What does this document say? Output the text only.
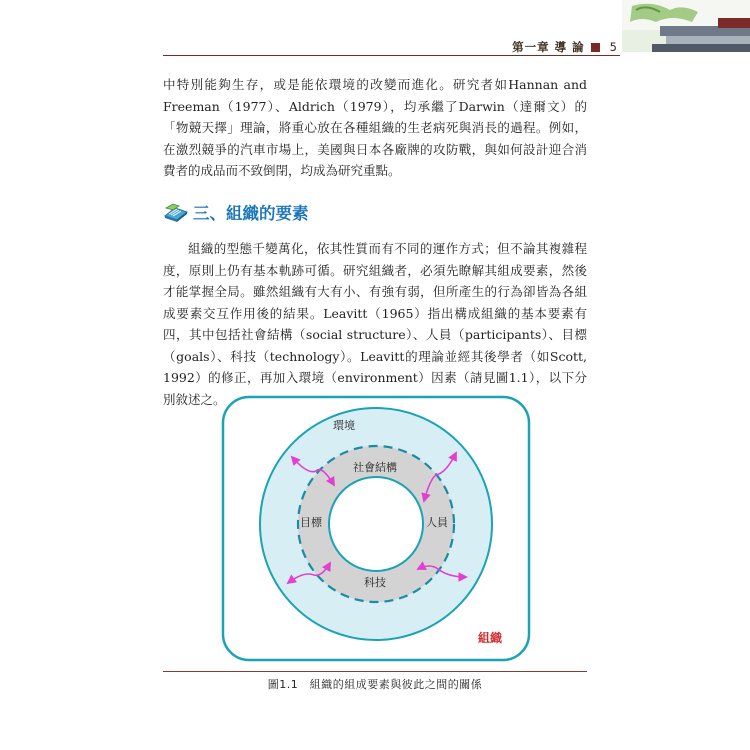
第一章 導 論 5

中特別能夠生存，或是能依環境的改變而進化。研究者如Hannan and Freeman（1977）、Aldrich（1979），均承繼了Darwin（達爾文）的「物競天擇」理論，將重心放在各種組織的生老病死與消長的過程。例如，在激烈競爭的汽車市場上，美國與日本各廠牌的攻防戰，與如何設計迎合消費者的成品而不致倒閉，均成為研究重點。

三、組織的要素

組織的型態千變萬化，依其性質而有不同的運作方式；但不論其複雜程度，原則上仍有基本軌跡可循。研究組織者，必須先瞭解其組成要素，然後才能掌握全局。雖然組織有大有小、有強有弱，但所產生的行為卻皆為各組成要素交互作用後的結果。Leavitt（1965）指出構成組織的基本要素有四，其中包括社會結構（social structure）、人員（participants）、目標（goals）、科技（technology）。Leavitt的理論並經其後學者（如Scott, 1992）的修正，再加入環境（environment）因素（請見圖1.1），以下分別敘述之。

環境
社會結構
目標	人員
科技
組織
圖1.1　組織的組成要素與彼此之間的關係
